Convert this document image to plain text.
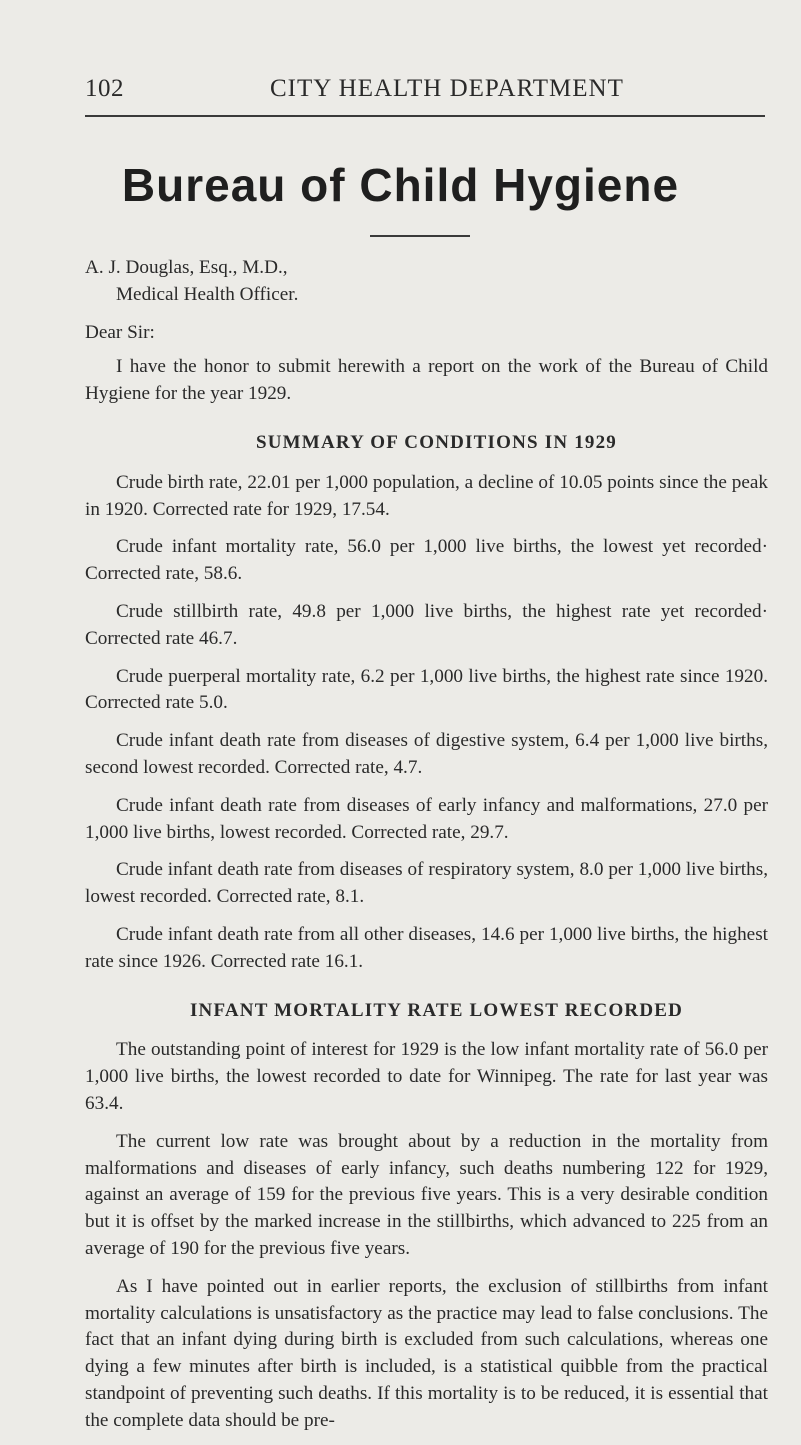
102	CITY HEALTH DEPARTMENT
Bureau of Child Hygiene
A. J. Douglas, Esq., M.D.,
Medical Health Officer.
Dear Sir:

I have the honor to submit herewith a report on the work of the Bureau of Child Hygiene for the year 1929.

SUMMARY OF CONDITIONS IN 1929

Crude birth rate, 22.01 per 1,000 population, a decline of 10.05 points since the peak in 1920. Corrected rate for 1929, 17.54.

Crude infant mortality rate, 56.0 per 1,000 live births, the lowest yet recorded· Corrected rate, 58.6.

Crude stillbirth rate, 49.8 per 1,000 live births, the highest rate yet recorded· Corrected rate 46.7.

Crude puerperal mortality rate, 6.2 per 1,000 live births, the highest rate since 1920. Corrected rate 5.0.

Crude infant death rate from diseases of digestive system, 6.4 per 1,000 live births, second lowest recorded. Corrected rate, 4.7.

Crude infant death rate from diseases of early infancy and malformations, 27.0 per 1,000 live births, lowest recorded. Corrected rate, 29.7.

Crude infant death rate from diseases of respiratory system, 8.0 per 1,000 live births, lowest recorded. Corrected rate, 8.1.

Crude infant death rate from all other diseases, 14.6 per 1,000 live births, the highest rate since 1926. Corrected rate 16.1.

INFANT MORTALITY RATE LOWEST RECORDED

The outstanding point of interest for 1929 is the low infant mortality rate of 56.0 per 1,000 live births, the lowest recorded to date for Winnipeg. The rate for last year was 63.4.

The current low rate was brought about by a reduction in the mortality from malformations and diseases of early infancy, such deaths numbering 122 for 1929, against an average of 159 for the previous five years. This is a very desirable condition but it is offset by the marked increase in the stillbirths, which advanced to 225 from an average of 190 for the previous five years.

As I have pointed out in earlier reports, the exclusion of stillbirths from infant mortality calculations is unsatisfactory as the practice may lead to false conclusions. The fact that an infant dying during birth is excluded from such calculations, whereas one dying a few minutes after birth is included, is a statistical quibble from the practical standpoint of preventing such deaths. If this mortality is to be reduced, it is essential that the complete data should be pre-
